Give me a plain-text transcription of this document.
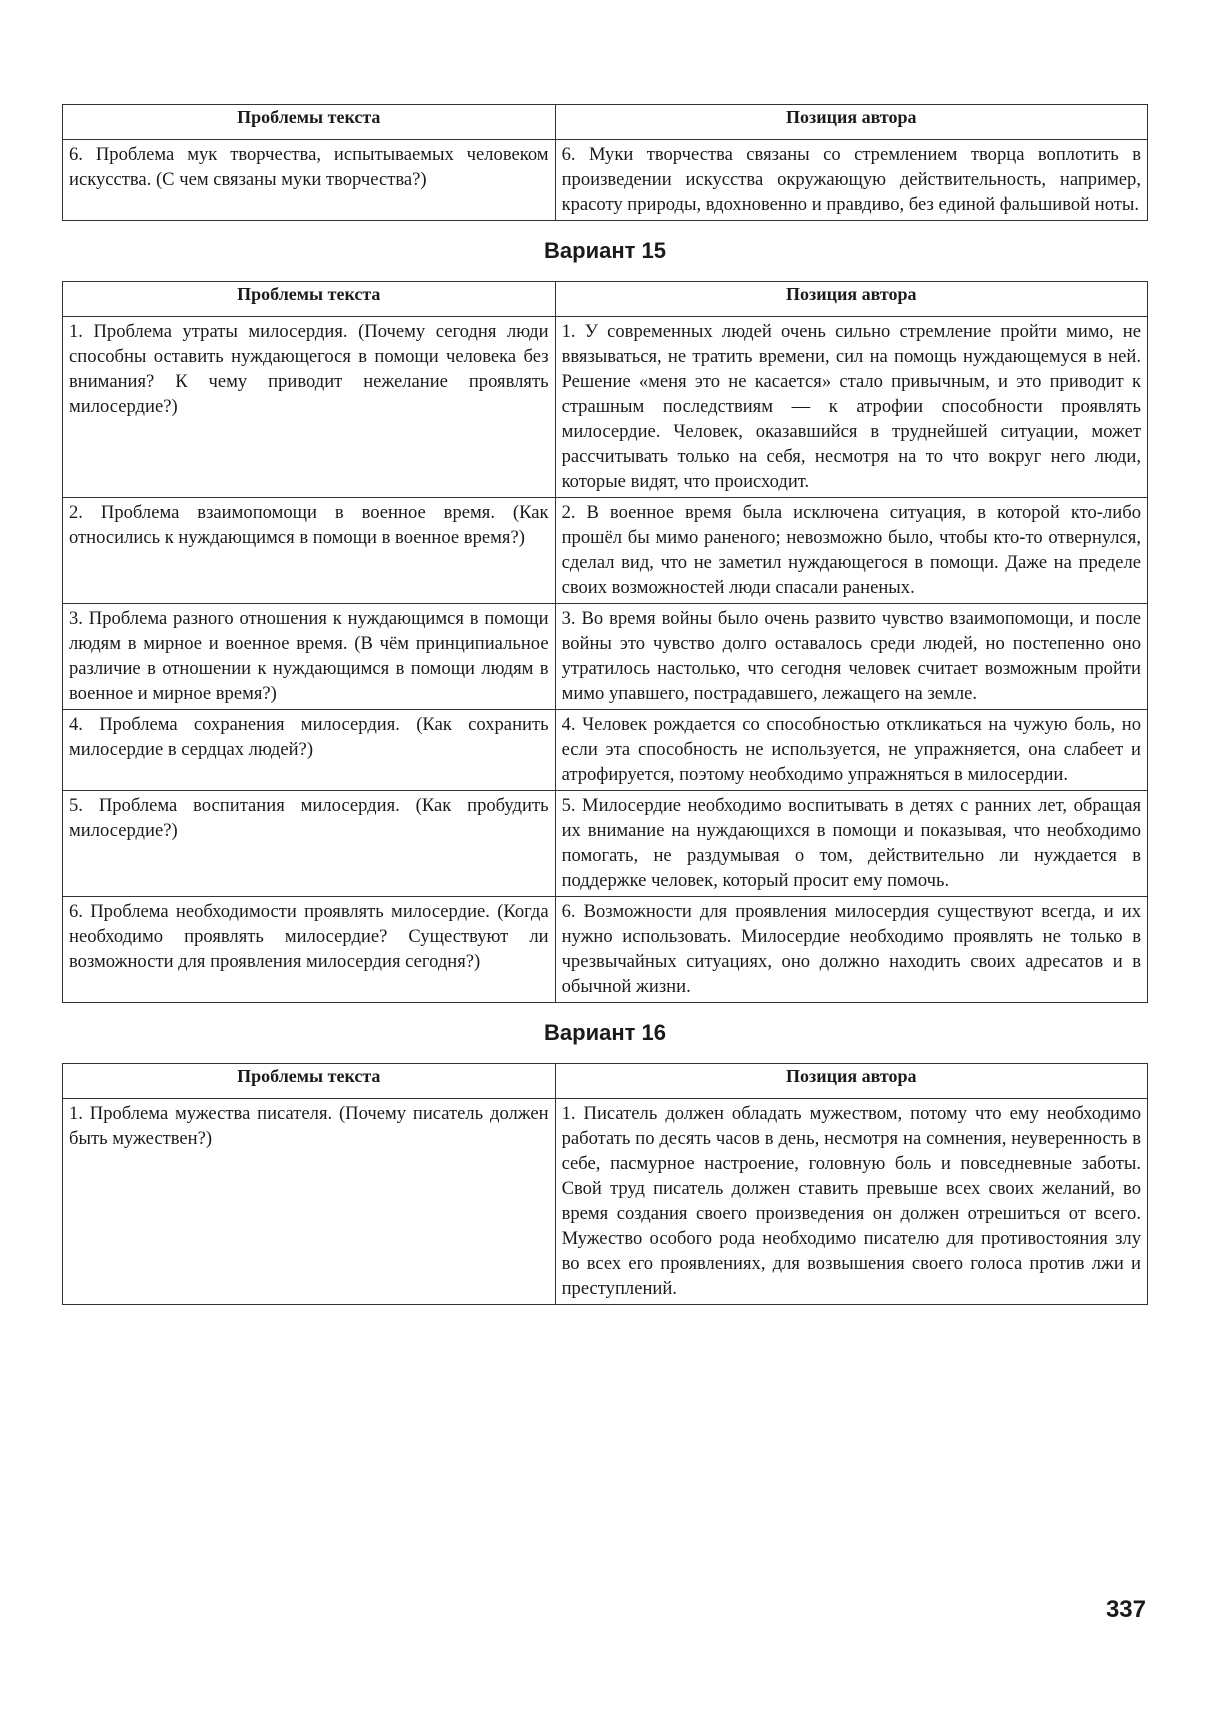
Проблемы текста	Позиция автора
6. Проблема мук творчества, испытываемых человеком искусства. (С чем связаны муки творчества?)	6. Муки творчества связаны со стремлением творца воплотить в произведении искусства окружающую действительность, например, красоту природы, вдохновенно и правдиво, без единой фальшивой ноты.
Вариант 15
Проблемы текста	Позиция автора
1. Проблема утраты милосердия. (Почему сегодня люди способны оставить нуждающегося в помощи человека без внимания? К чему приводит нежелание проявлять милосердие?)	1. У современных людей очень сильно стремление пройти мимо, не ввязываться, не тратить времени, сил на помощь нуждающемуся в ней. Решение «меня это не касается» стало привычным, и это приводит к страшным последствиям — к атрофии способности проявлять милосердие. Человек, оказавшийся в труднейшей ситуации, может рассчитывать только на себя, несмотря на то что вокруг него люди, которые видят, что происходит.
2. Проблема взаимопомощи в военное время. (Как относились к нуждающимся в помощи в военное время?)	2. В военное время была исключена ситуация, в которой кто-либо прошёл бы мимо раненого; невозможно было, чтобы кто-то отвернулся, сделал вид, что не заметил нуждающегося в помощи. Даже на пределе своих возможностей люди спасали раненых.
3. Проблема разного отношения к нуждающимся в помощи людям в мирное и военное время. (В чём принципиальное различие в отношении к нуждающимся в помощи людям в военное и мирное время?)	3. Во время войны было очень развито чувство взаимопомощи, и после войны это чувство долго оставалось среди людей, но постепенно оно утратилось настолько, что сегодня человек считает возможным пройти мимо упавшего, пострадавшего, лежащего на земле.
4. Проблема сохранения милосердия. (Как сохранить милосердие в сердцах людей?)	4. Человек рождается со способностью откликаться на чужую боль, но если эта способность не используется, не упражняется, она слабеет и атрофируется, поэтому необходимо упражняться в милосердии.
5. Проблема воспитания милосердия. (Как пробудить милосердие?)	5. Милосердие необходимо воспитывать в детях с ранних лет, обращая их внимание на нуждающихся в помощи и показывая, что необходимо помогать, не раздумывая о том, действительно ли нуждается в поддержке человек, который просит ему помочь.
6. Проблема необходимости проявлять милосердие. (Когда необходимо проявлять милосердие? Существуют ли возможности для проявления милосердия сегодня?)	6. Возможности для проявления милосердия существуют всегда, и их нужно использовать. Милосердие необходимо проявлять не только в чрезвычайных ситуациях, оно должно находить своих адресатов и в обычной жизни.
Вариант 16
Проблемы текста	Позиция автора
1. Проблема мужества писателя. (Почему писатель должен быть мужествен?)	1. Писатель должен обладать мужеством, потому что ему необходимо работать по десять часов в день, несмотря на сомнения, неуверенность в себе, пасмурное настроение, головную боль и повседневные заботы. Свой труд писатель должен ставить превыше всех своих желаний, во время создания своего произведения он должен отрешиться от всего. Мужество особого рода необходимо писателю для противостояния злу во всех его проявлениях, для возвышения своего голоса против лжи и преступлений.
337
